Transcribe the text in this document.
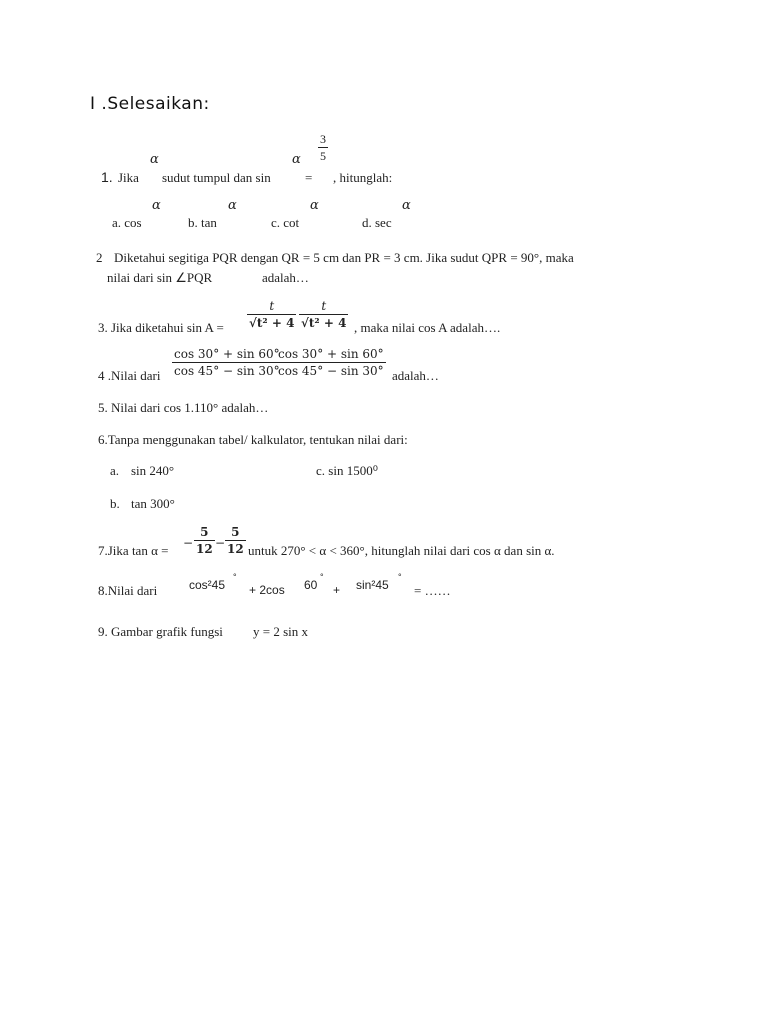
I .Selesaikan:
α	α $\frac{3}{5}$
1. Jika sudut tumpul dan sin	= , hitunglah:
α	α	α	α
a. cos	b. tan	c. cot	d. sec
2 Diketahui segitiga PQR dengan QR = 5 cm dan PR = 3 cm. Jika sudut QPR = 90°, maka
nilai dari sin ∠PQR	adalah…
3. Jika diketahui $\sin A = \frac{t}{\text{√t² + 4}} \frac{t}{\text{√t² + 4}}$ , maka nilai cos A adalah….
4 .Nilai dari $\frac{\cos 30^\circ + \sin 60^\circ}{\cos 45^\circ - \sin 30^\circ}$
$\frac{\cos 30^\circ + \sin 60^\circ}{\cos 45^\circ - \sin 30^\circ}$ adalah…
5. Nilai dari cos 1.110° adalah…
6.Tanpa menggunakan tabel/ kalkulator, tentukan nilai dari:
a. sin 240°	c. sin 1500⁰
b. tan 300°
7.Jika tan α = − $\frac{5}{12} - \frac{5}{12}$ untuk 270° < α < 360°, hitunglah nilai dari cos α dan sin α.
8.Nilai dari	cos²45
°
+ 2cos 60
°
+ sin²45
°
= ……
9. Gambar grafik fungsi y = 2 sin x
